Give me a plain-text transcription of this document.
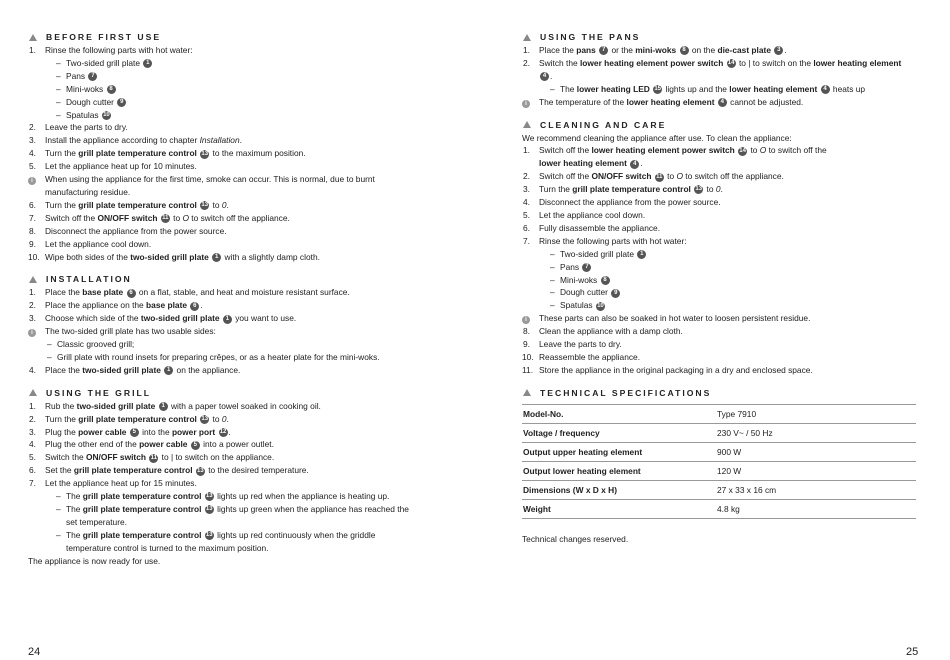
BEFORE FIRST USE
1.	Rinse the following parts with hot water:
– Two-sided grill plate 1
– Pans 7
– Mini-woks 8
– Dough cutter 9
– Spatulas 10
2.	Leave the parts to dry.
3.	Install the appliance according to chapter Installation.
4.	Turn the grill plate temperature control 13 to the maximum position.
5.	Let the appliance heat up for 10 minutes.
i	When using the appliance for the first time, smoke can occur. This is normal, due to burnt
manufacturing residue.
6.	Turn the grill plate temperature control 13 to 0.
7.	Switch off the ON/OFF switch 11 to O to switch off the appliance.
8.	Disconnect the appliance from the power source.
9.	Let the appliance cool down.
10. Wipe both sides of the two-sided grill plate 1 with a slightly damp cloth.
INSTALLATION
1.	Place the base plate 6 on a flat, stable, and heat and moisture resistant surface.
2.	Place the appliance on the base plate 6 .
3.	Choose which side of the two-sided grill plate 1 you want to use.
i	The two-sided grill plate has two usable sides:
– Classic grooved grill;
– Grill plate with round insets for preparing crêpes, or as a heater plate for the mini-woks.
4.	Place the two-sided grill plate 1 on the appliance.
USING THE GRILL
1.	Rub the two-sided grill plate 1 with a paper towel soaked in cooking oil.
2.	Turn the grill plate temperature control 13 to 0.
3.	Plug the power cable 5 into the power port 12 .
4.	Plug the other end of the power cable 5 into a power outlet.
5.	Switch the ON/OFF switch 11 to | to switch on the appliance.
6.	Set the grill plate temperature control 13 to the desired temperature.
7.	Let the appliance heat up for 15 minutes.
– The grill plate temperature control 13 lights up red when the appliance is heating up.
– The grill plate temperature control 13 lights up green when the appliance has reached the
set temperature.
– The grill plate temperature control 13 lights up red continuously when the griddle
temperature control is turned to the maximum position.
The appliance is now ready for use.
USING THE PANS
1.	Place the pans 7 or the mini-woks 8 on the die-cast plate 3 .
2.	Switch the lower heating element power switch 14 to | to switch on the lower heating element
4 .
– The lower heating LED 15 lights up and the lower heating element 4 heats up
i	The temperature of the lower heating element 4 cannot be adjusted.
CLEANING AND CARE
We recommend cleaning the appliance after use. To clean the appliance:
1.	Switch off the lower heating element power switch 14 to O to switch off the
lower heating element 4 .
2.	Switch off the ON/OFF switch 11 to O to switch off the appliance.
3.	Turn the grill plate temperature control 13 to 0.
4.	Disconnect the appliance from the power source.
5.	Let the appliance cool down.
6.	Fully disassemble the appliance.
7.	Rinse the following parts with hot water:
– Two-sided grill plate 1
– Pans 7
– Mini-woks 8
– Dough cutter 9
– Spatulas 10
i	These parts can also be soaked in hot water to loosen persistent residue.
8.	Clean the appliance with a damp cloth.
9.	Leave the parts to dry.
10. Reassemble the appliance.
11. Store the appliance in the original packaging in a dry and enclosed space.
TECHNICAL SPECIFICATIONS
Model-No.	Type 7910
Voltage / frequency	230 V~ / 50 Hz
Output upper heating element	900 W
Output lower heating element	120 W
Dimensions (W x D x H)	27 x 33 x 16 cm
Weight	4.8 kg
Technical changes reserved.
24	25
